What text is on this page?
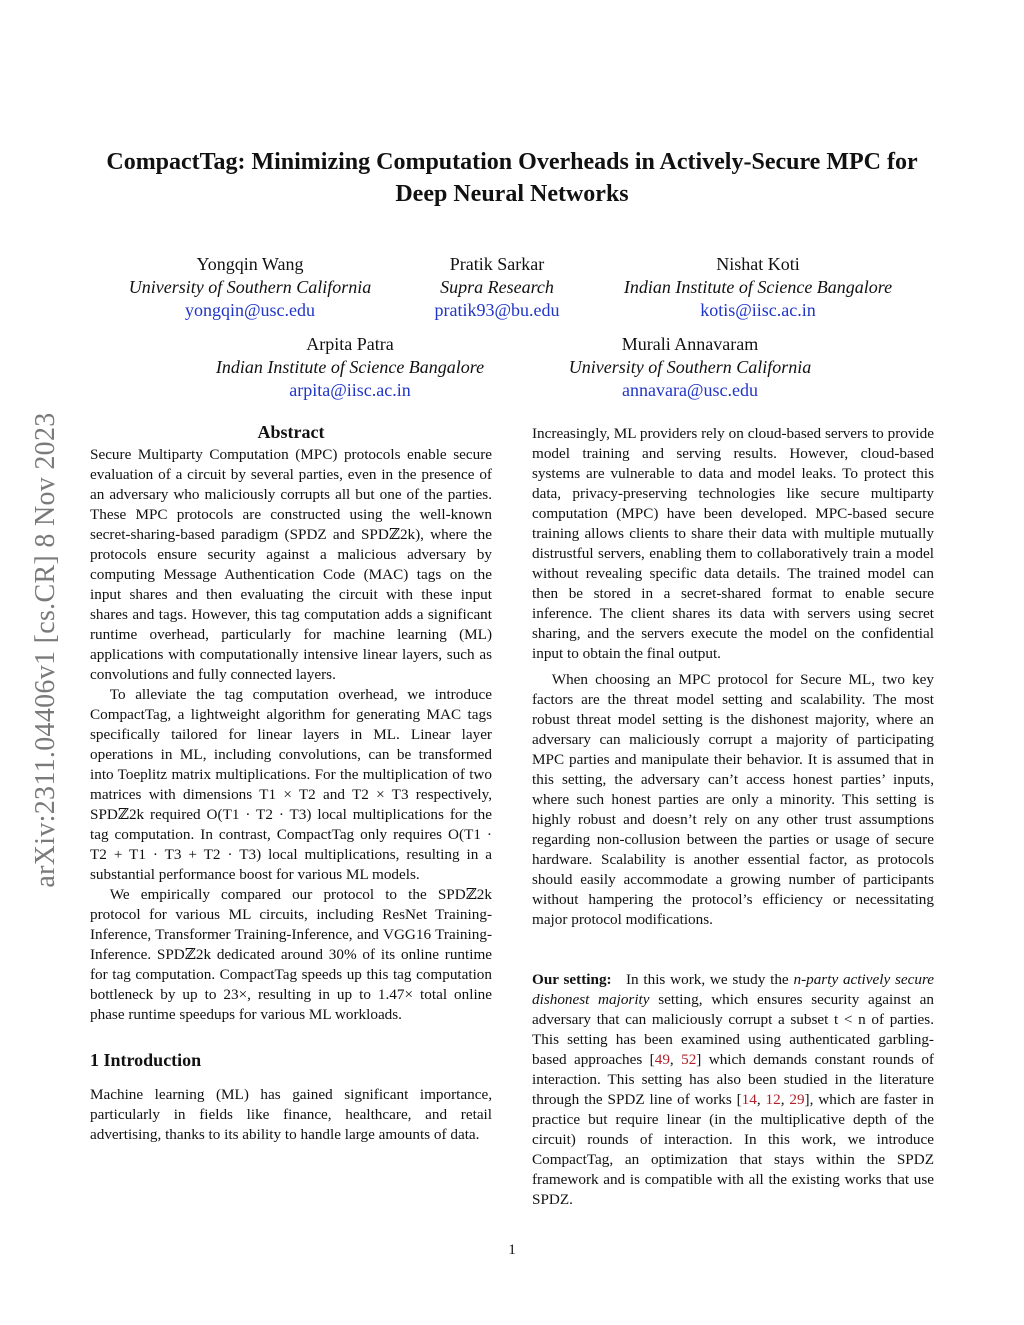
arXiv:2311.04406v1 [cs.CR] 8 Nov 2023
CompactTag: Minimizing Computation Overheads in Actively-Secure MPC for
Deep Neural Networks
Yongqin Wang
University of Southern California
yongqin@usc.edu
Pratik Sarkar
Supra Research
pratik93@bu.edu
Nishat Koti
Indian Institute of Science Bangalore
kotis@iisc.ac.in
Arpita Patra
Indian Institute of Science Bangalore
arpita@iisc.ac.in
Murali Annavaram
University of Southern California
annavara@usc.edu
Abstract

Secure Multiparty Computation (MPC) protocols enable secure evaluation of a circuit by several parties, even in the presence of an adversary who maliciously corrupts all but one of the parties. These MPC protocols are constructed using the well-known secret-sharing-based paradigm (SPDZ and SPDℤ2k), where the protocols ensure security against a malicious adversary by computing Message Authentication Code (MAC) tags on the input shares and then evaluating the circuit with these input shares and tags. However, this tag computation adds a significant runtime overhead, particularly for machine learning (ML) applications with computationally intensive linear layers, such as convolutions and fully connected layers.

To alleviate the tag computation overhead, we introduce CompactTag, a lightweight algorithm for generating MAC tags specifically tailored for linear layers in ML. Linear layer operations in ML, including convolutions, can be transformed into Toeplitz matrix multiplications. For the multiplication of two matrices with dimensions T1 × T2 and T2 × T3 respectively, SPDℤ2k required O(T1 · T2 · T3) local multiplications for the tag computation. In contrast, CompactTag only requires O(T1 · T2 + T1 · T3 + T2 · T3) local multiplications, resulting in a substantial performance boost for various ML models.

We empirically compared our protocol to the SPDℤ2k protocol for various ML circuits, including ResNet Training-Inference, Transformer Training-Inference, and VGG16 Training-Inference. SPDℤ2k dedicated around 30% of its online runtime for tag computation. CompactTag speeds up this tag computation bottleneck by up to 23×, resulting in up to 1.47× total online phase runtime speedups for various ML workloads.

1 Introduction

Machine learning (ML) has gained significant importance, particularly in fields like finance, healthcare, and retail advertising, thanks to its ability to handle large amounts of data.

Increasingly, ML providers rely on cloud-based servers to provide model training and serving results. However, cloud-based systems are vulnerable to data and model leaks. To protect this data, privacy-preserving technologies like secure multiparty computation (MPC) have been developed. MPC-based secure training allows clients to share their data with multiple mutually distrustful servers, enabling them to collaboratively train a model without revealing specific data details. The trained model can then be stored in a secret-shared format to enable secure inference. The client shares its data with servers using secret sharing, and the servers execute the model on the confidential input to obtain the final output.

When choosing an MPC protocol for Secure ML, two key factors are the threat model setting and scalability. The most robust threat model setting is the dishonest majority, where an adversary can maliciously corrupt a majority of participating MPC parties and manipulate their behavior. It is assumed that in this setting, the adversary can’t access honest parties’ inputs, where such honest parties are only a minority. This setting is highly robust and doesn’t rely on any other trust assumptions regarding non-collusion between the parties or usage of secure hardware. Scalability is another essential factor, as protocols should easily accommodate a growing number of participants without hampering the protocol’s efficiency or necessitating major protocol modifications.

Our setting: In this work, we study the n-party actively secure dishonest majority setting, which ensures security against an adversary that can maliciously corrupt a subset t < n of parties. This setting has been examined using authenticated garbling-based approaches [49, 52] which demands constant rounds of interaction. This setting has also been studied in the literature through the SPDZ line of works [14, 12, 29], which are faster in practice but require linear (in the multiplicative depth of the circuit) rounds of interaction. In this work, we introduce CompactTag, an optimization that stays within the SPDZ framework and is compatible with all the existing works that use SPDZ.

1
